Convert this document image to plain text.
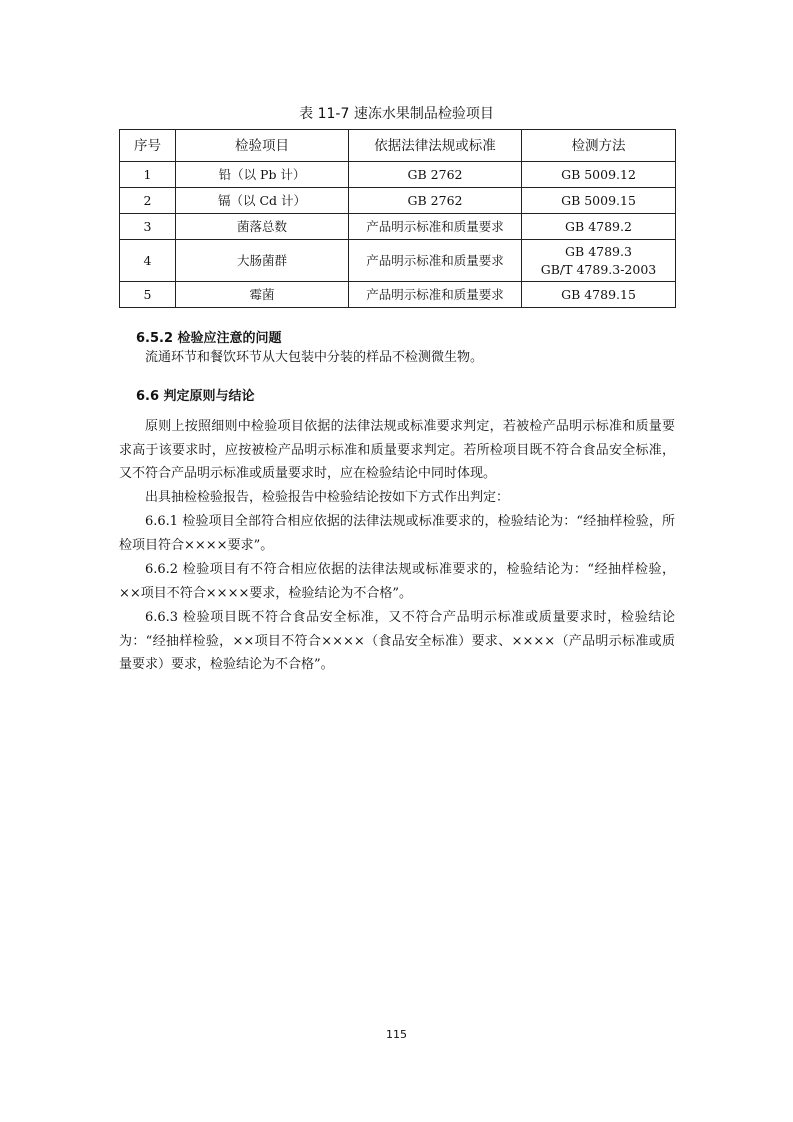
表 11-7 速冻水果制品检验项目
序号	检验项目	依据法律法规或标准	检测方法
1	铅（以 Pb 计）	GB 2762	GB 5009.12
2	镉（以 Cd 计）	GB 2762	GB 5009.15
3	菌落总数	产品明示标准和质量要求	GB 4789.2
4	大肠菌群	产品明示标准和质量要求	GB 4789.3
GB/T 4789.3-2003

5	霉菌	产品明示标准和质量要求	GB 4789.15
6.5.2 检验应注意的问题

流通环节和餐饮环节从大包装中分装的样品不检测微生物。

6.6 判定原则与结论

原则上按照细则中检验项目依据的法律法规或标准要求判定，若被检产品明示标准和质量要求高于该要求时，应按被检产品明示标准和质量要求判定。若所检项目既不符合食品安全标准，又不符合产品明示标准或质量要求时，应在检验结论中同时体现。

出具抽检检验报告，检验报告中检验结论按如下方式作出判定：

6.6.1 检验项目全部符合相应依据的法律法规或标准要求的，检验结论为：“经抽样检验，所检项目符合××××要求”。

6.6.2 检验项目有不符合相应依据的法律法规或标准要求的，检验结论为：“经抽样检验，××项目不符合××××要求，检验结论为不合格”。

6.6.3 检验项目既不符合食品安全标准，又不符合产品明示标准或质量要求时，检验结论为：“经抽样检验，××项目不符合××××（食品安全标准）要求、××××（产品明示标准或质量要求）要求，检验结论为不合格”。

115
